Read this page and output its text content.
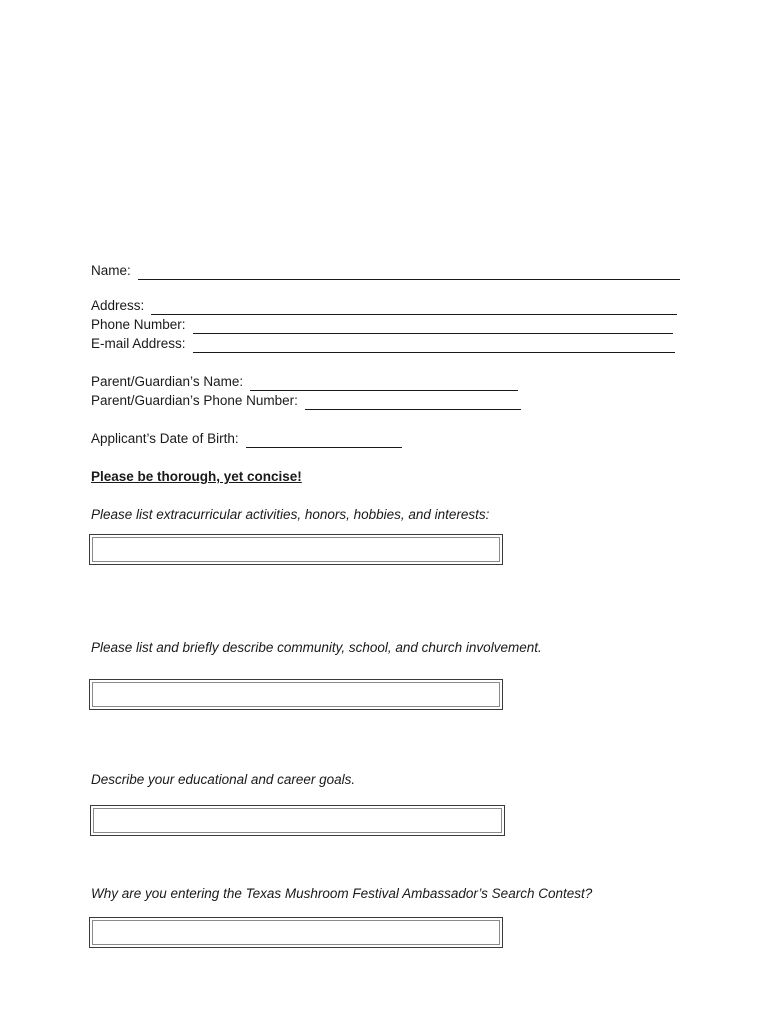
Name:
Address:
Phone Number:
E-mail Address:
Parent/Guardian’s Name:
Parent/Guardian’s Phone Number:
Applicant’s Date of Birth:
Please be thorough, yet concise!
Please list extracurricular activities, honors, hobbies, and interests:
Please list and briefly describe community, school, and church involvement.
Describe your educational and career goals.
Why are you entering the Texas Mushroom Festival Ambassador’s Search Contest?
